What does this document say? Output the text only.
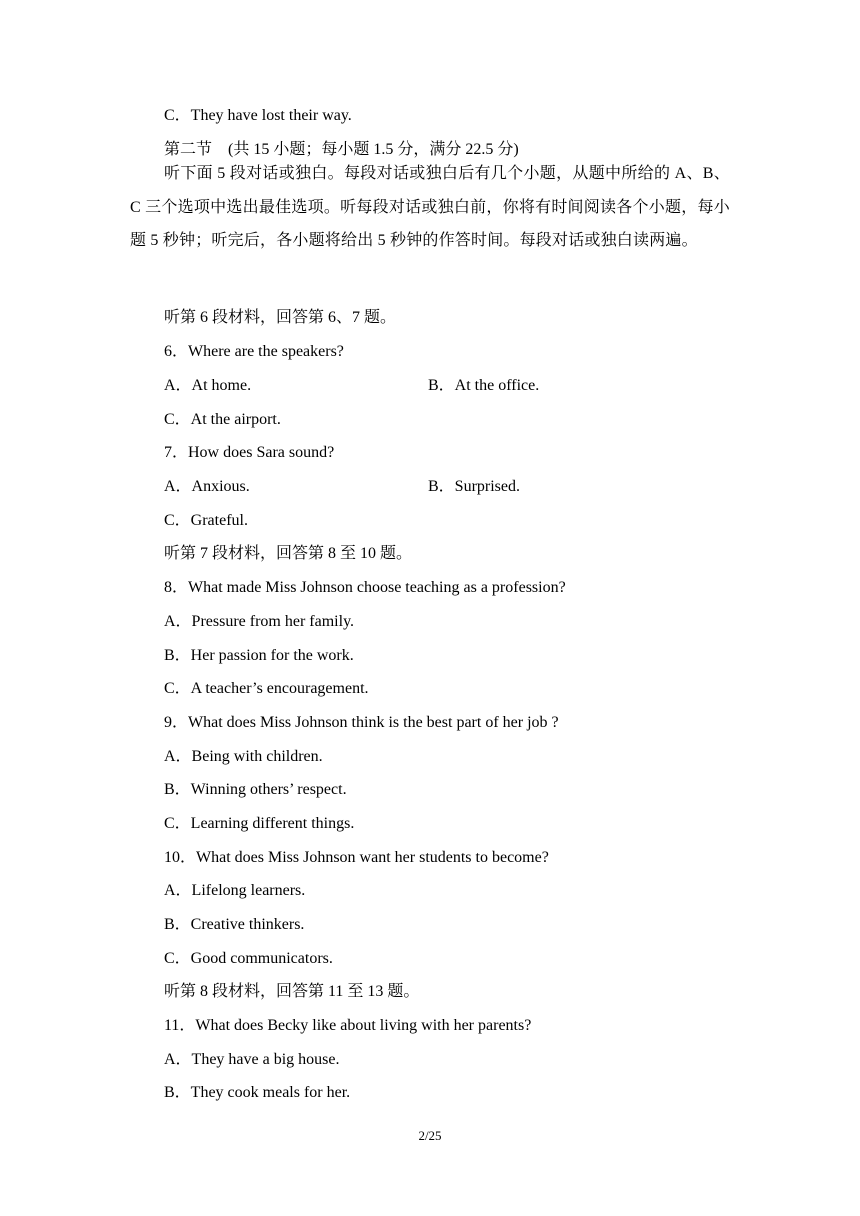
C．They have lost their way.
第二节　(共 15 小题；每小题 1.5 分，满分 22.5 分)
听下面 5 段对话或独白。每段对话或独白后有几个小题，从题中所给的 A、B、C 三个选项中选出最佳选项。听每段对话或独白前，你将有时间阅读各个小题，每小题 5 秒钟；听完后，各小题将给出 5 秒钟的作答时间。每段对话或独白读两遍。
听第 6 段材料，回答第 6、7 题。
6．Where are the speakers?
A．At home.	B．At the office.
C．At the airport.
7．How does Sara sound?
A．Anxious.	B．Surprised.
C．Grateful.
听第 7 段材料，回答第 8 至 10 题。
8．What made Miss Johnson choose teaching as a profession?
A．Pressure from her family.
B．Her passion for the work.
C．A teacher’s encouragement.
9．What does Miss Johnson think is the best part of her job ?
A．Being with children.
B．Winning others’ respect.
C．Learning different things.
10．What does Miss Johnson want her students to become?
A．Lifelong learners.
B．Creative thinkers.
C．Good communicators.
听第 8 段材料，回答第 11 至 13 题。
11．What does Becky like about living with her parents?
A．They have a big house.
B．They cook meals for her.
2/25
